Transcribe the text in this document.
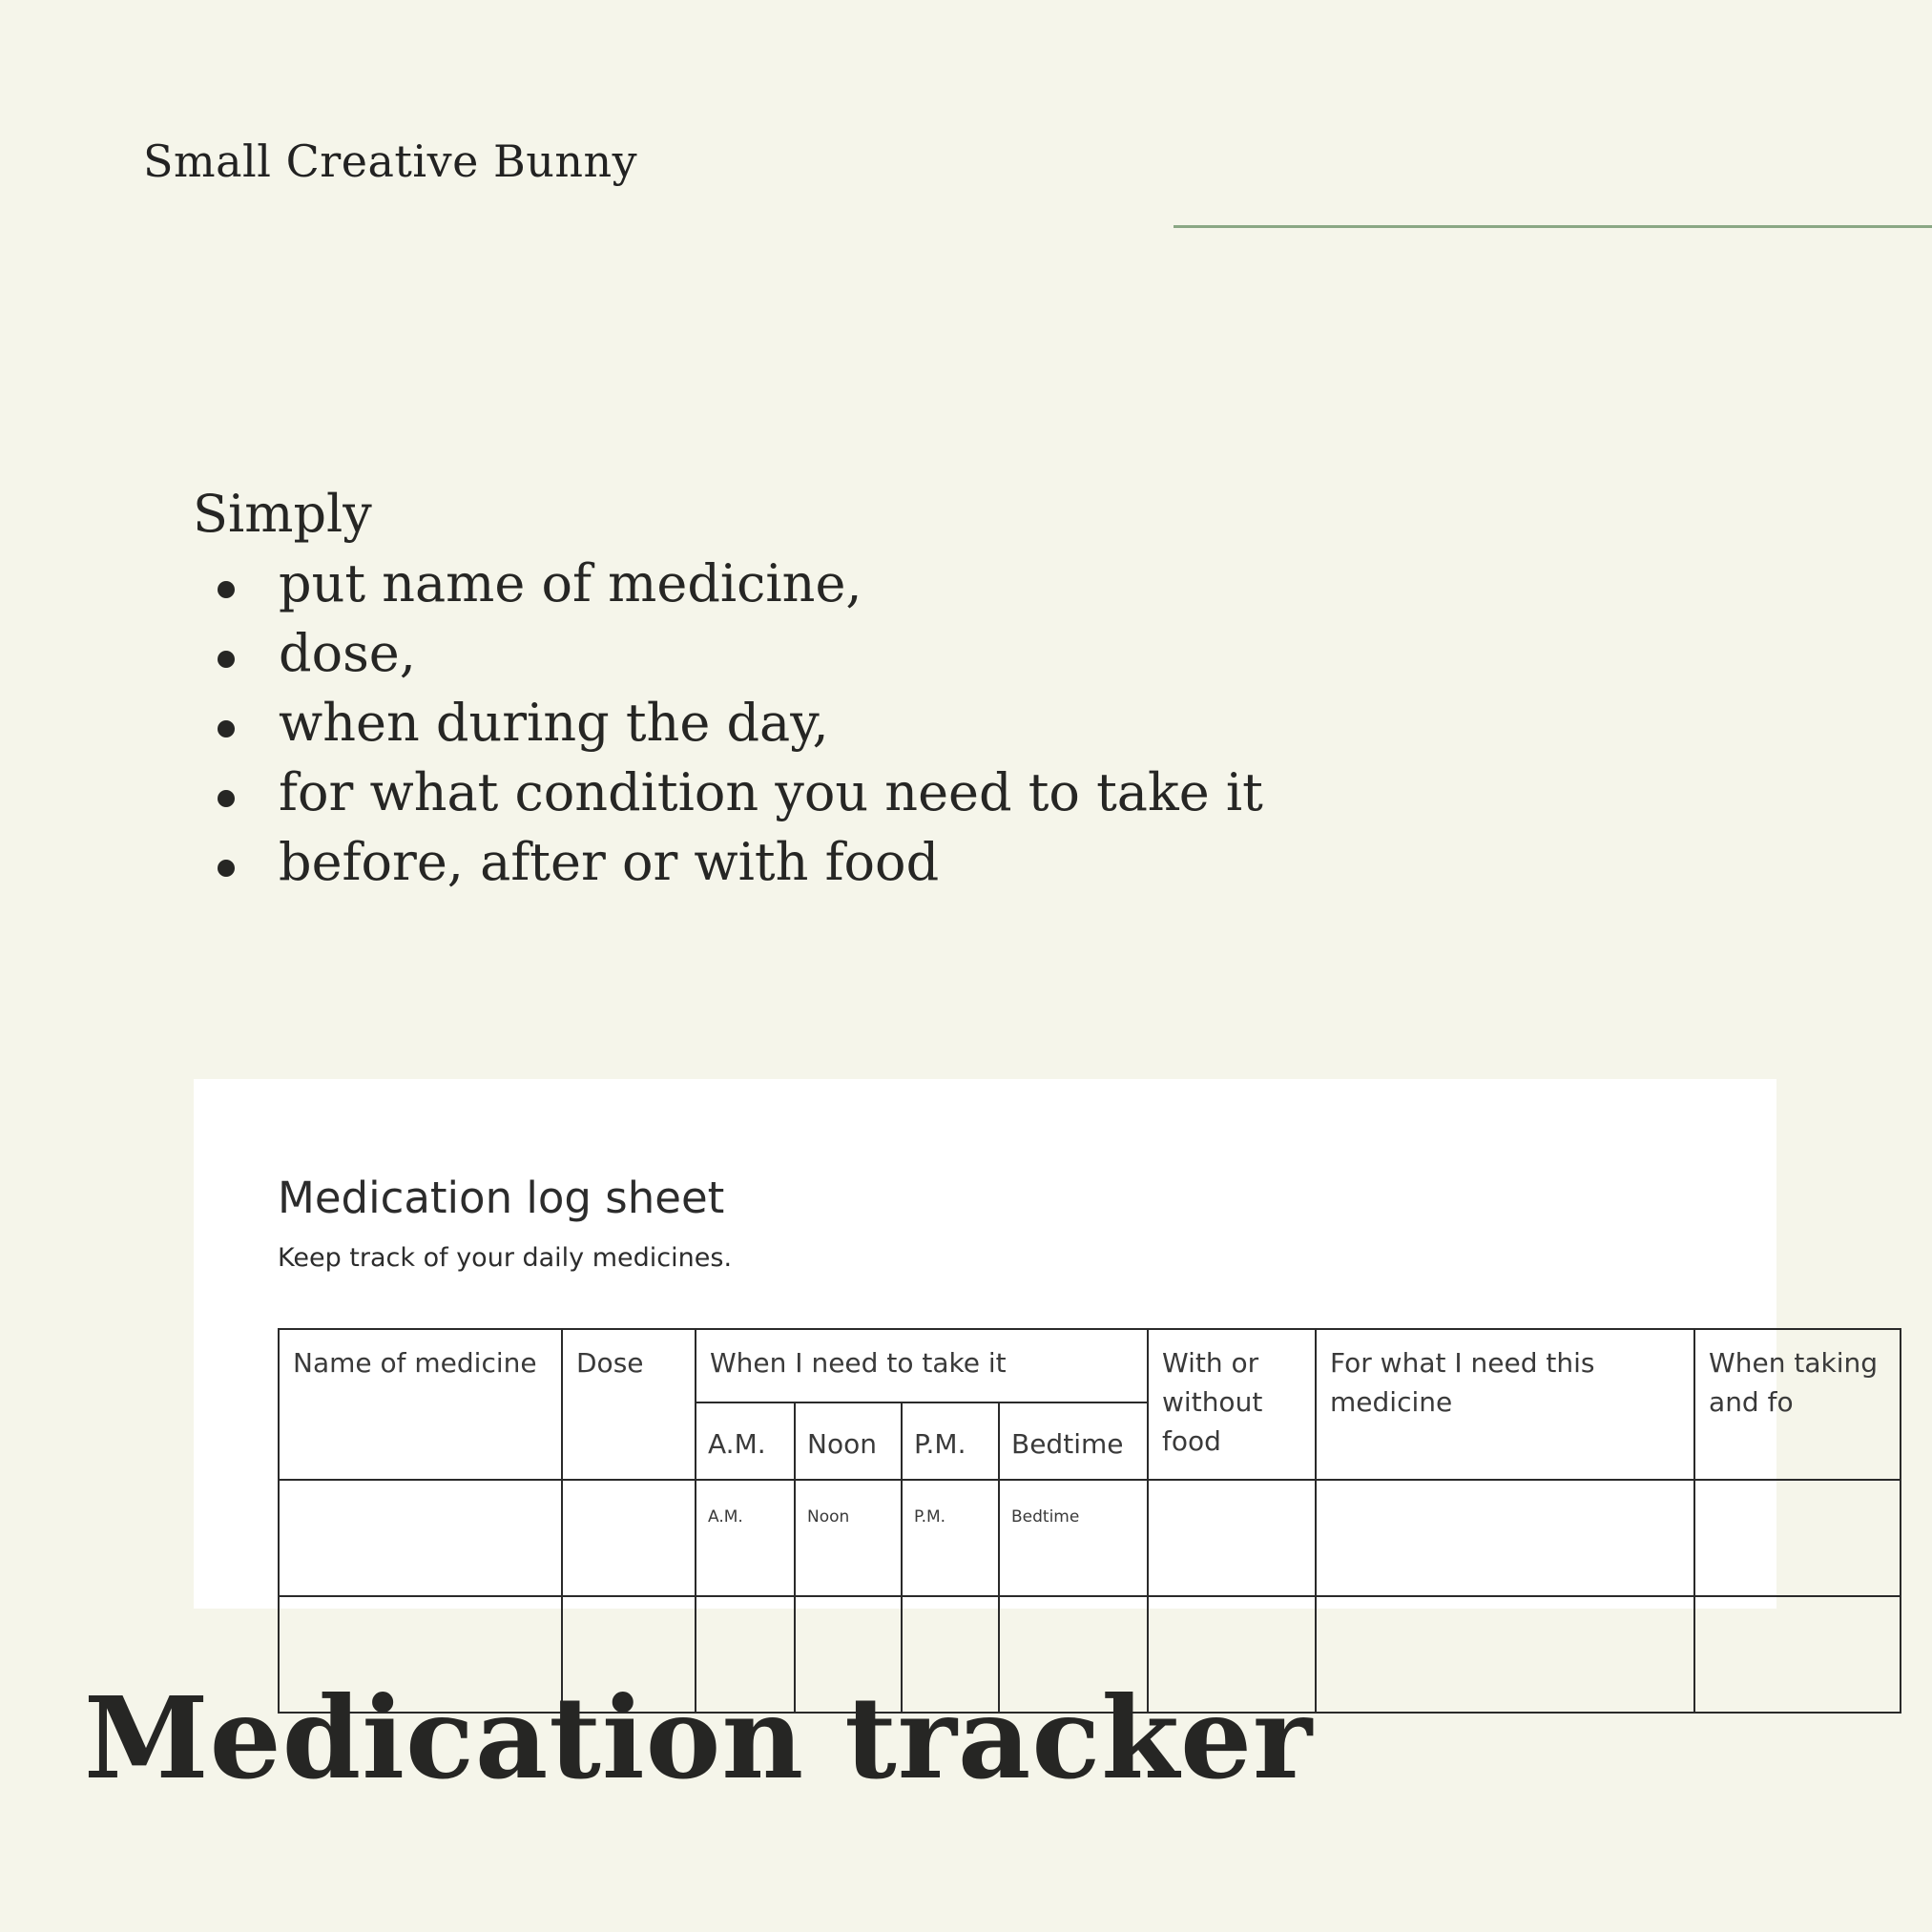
Small Creative Bunny
Simply
put name of medicine,
dose,
when during the day,
for what condition you need to take it
before, after or with food
Medication log sheet
Keep track of your daily medicines.
Name of medicine	Dose	When I need to take it				With or without food	For what I need this medicine	When taking and fo
		A.M.	Noon	P.M.	Bedtime			
		A.M.	Noon	P.M.	Bedtime			

Medication tracker
